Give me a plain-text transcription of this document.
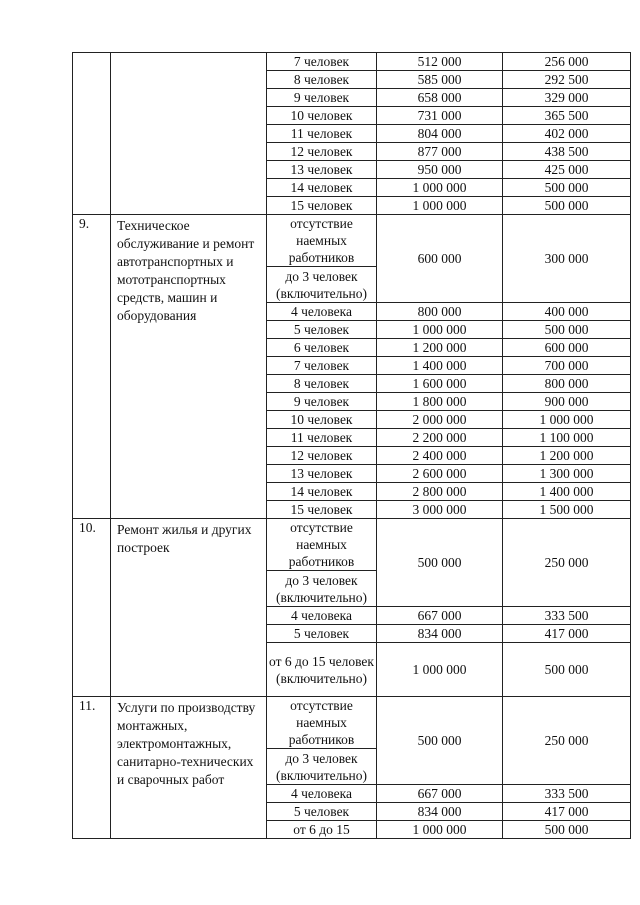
		7 человек	512 000	256 000
		8 человек	585 000	292 500
		9 человек	658 000	329 000
		10 человек	731 000	365 500
		11 человек	804 000	402 000
		12 человек	877 000	438 500
		13 человек	950 000	425 000
		14 человек	1 000 000	500 000
		15 человек	1 000 000	500 000
9.	Техническое обслуживание и ремонт автотранспортных и мототранспортных средств, машин и оборудования	отсутствие наемных работников	600 000	300 000
		до 3 человек (включительно)		
		4 человека	800 000	400 000
		5 человек	1 000 000	500 000
		6 человек	1 200 000	600 000
		7 человек	1 400 000	700 000
		8 человек	1 600 000	800 000
		9 человек	1 800 000	900 000
		10 человек	2 000 000	1 000 000
		11 человек	2 200 000	1 100 000
		12 человек	2 400 000	1 200 000
		13 человек	2 600 000	1 300 000
		14 человек	2 800 000	1 400 000
		15 человек	3 000 000	1 500 000
10.	Ремонт жилья и других построек	отсутствие наемных работников	500 000	250 000
		до 3 человек (включительно)		
		4 человека	667 000	333 500
		5 человек	834 000	417 000
		от 6 до 15 человек (включительно)	1 000 000	500 000
11.	Услуги по производству монтажных, электромонтажных, санитарно-технических и сварочных работ	отсутствие наемных работников	500 000	250 000
		до 3 человек (включительно)		
		4 человека	667 000	333 500
		5 человек	834 000	417 000
		от 6 до 15	1 000 000	500 000
